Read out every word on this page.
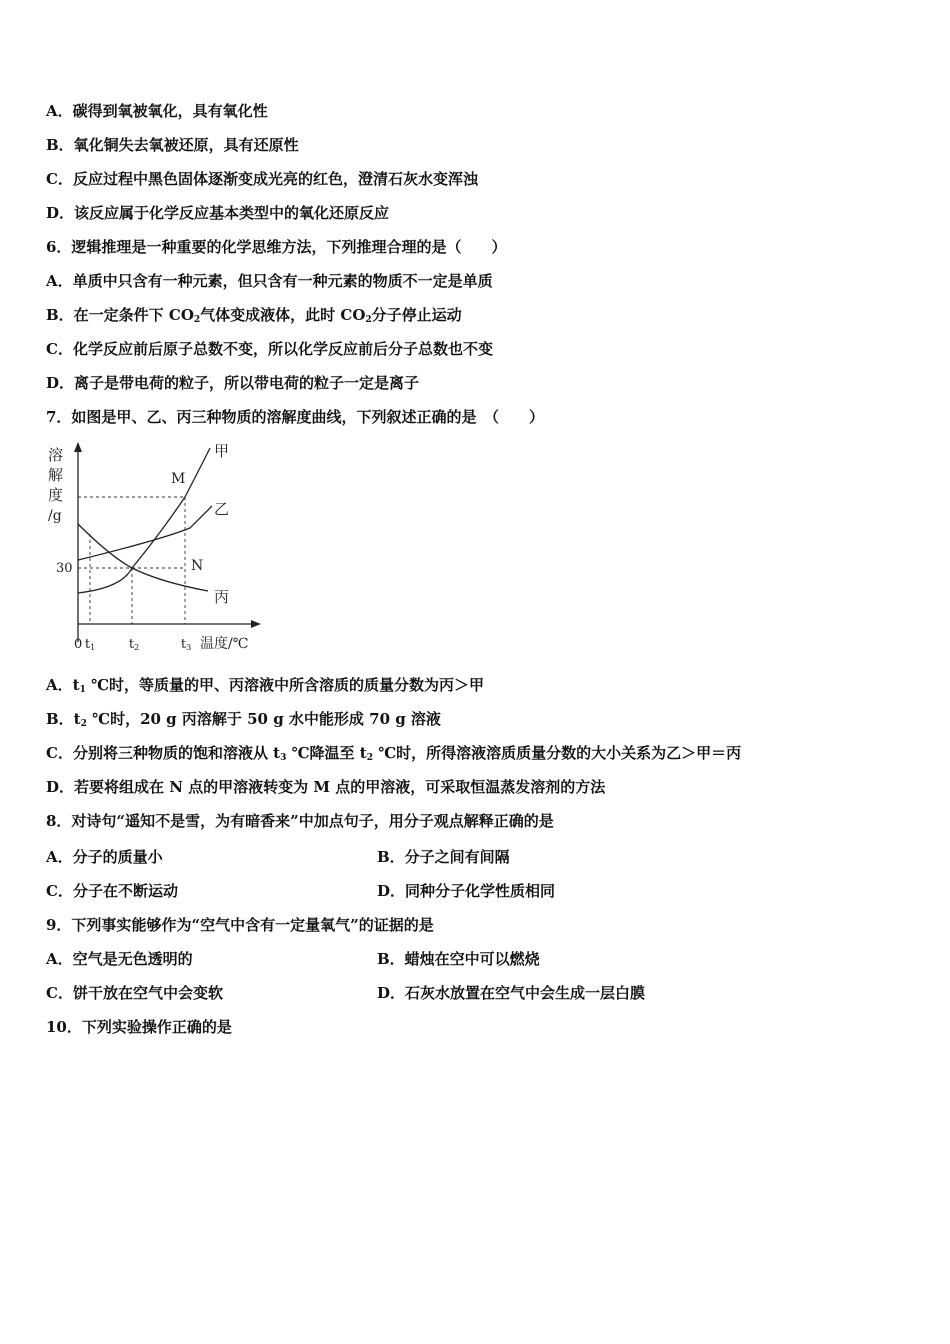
A．碳得到氧被氧化，具有氧化性
B．氧化铜失去氧被还原，具有还原性
C．反应过程中黑色固体逐渐变成光亮的红色，澄清石灰水变浑浊
D．该反应属于化学反应基本类型中的氧化还原反应
6．逻辑推理是一种重要的化学思维方法，下列推理合理的是（　　）
A．单质中只含有一种元素，但只含有一种元素的物质不一定是单质
B．在一定条件下 $CO_2$气体变成液体，此时 $CO_2$分子停止运动
C．化学反应前后原子总数不变，所以化学反应前后分子总数也不变
D．离子是带电荷的粒子，所以带电荷的粒子一定是离子
7．如图是甲、乙、丙三种物质的溶解度曲线，下列叙述正确的是　（　　）
溶
解
度
/g
30
甲
乙
丙
M
N
0 t1	t2	t3 温度/℃
A．$t_1$ ℃时，等质量的甲、丙溶液中所含溶质的质量分数为丙＞甲
B．$t_2$ ℃时，20 g 丙溶解于 50 g 水中能形成 70 g 溶液
C．分别将三种物质的饱和溶液从 $t_3$ ℃降温至 $t_2$ ℃时，所得溶液溶质质量分数的大小关系为乙＞甲＝丙
D．若要将组成在 N 点的甲溶液转变为 M 点的甲溶液，可采取恒温蒸发溶剂的方法
8．对诗句“遥知不是雪，为有暗香来”中加点句子，用分子观点解释正确的是
A．分子的质量小	B．分子之间有间隔
C．分子在不断运动	D．同种分子化学性质相同
9．下列事实能够作为“空气中含有一定量氧气”的证据的是
A．空气是无色透明的	B．蜡烛在空中可以燃烧
C．饼干放在空气中会变软	D．石灰水放置在空气中会生成一层白膜
10．下列实验操作正确的是
